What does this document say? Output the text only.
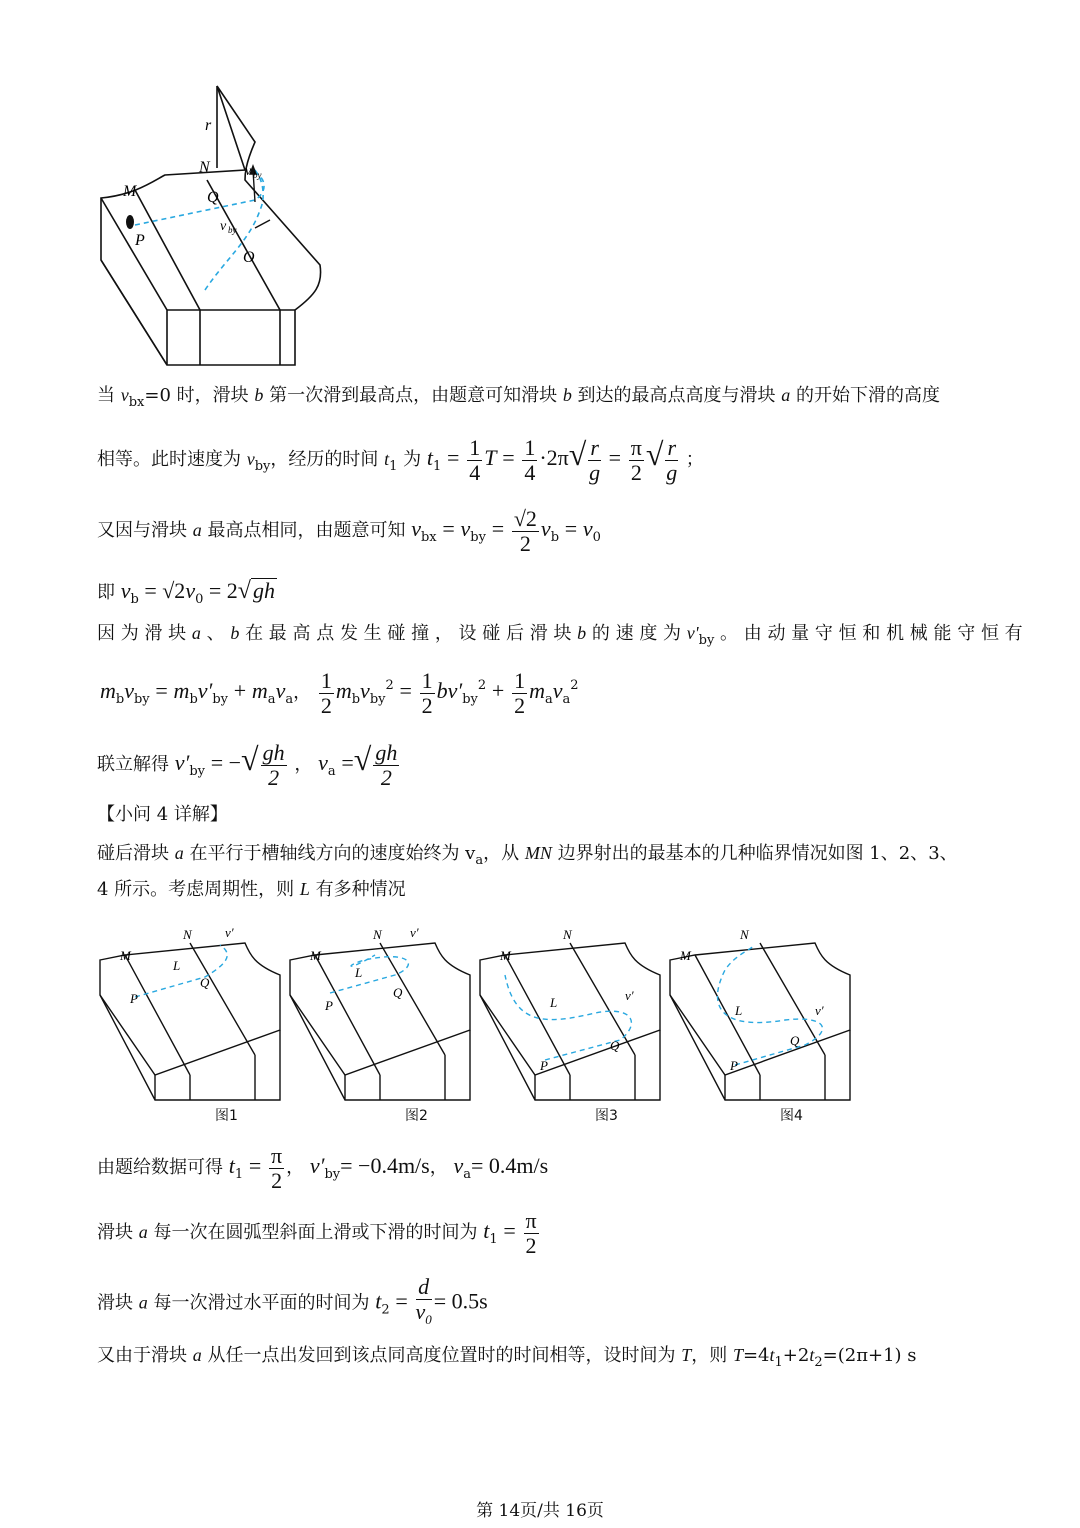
r
N
M	Q
P
O
v by
v by
当 $v_{bx}=0$ 时，滑块 b 第一次滑到最高点，由题意可知滑块 b 到达的最高点高度与滑块 a 的开始下滑的高度
相等。此时速度为 $v_{by}$，经历的时间 $t_1$ 为 $t_1 = \frac{1}{4}$ $T = \frac{1}{4} \cdot 2\pi√ \frac{r}{g} = \frac{\pi}{2}$ √ $\frac{r}{g}$ ；
又因与滑块 a 最高点相同，由题意可知 $v_{bx} = v_{by} = \frac{√2}{2} v_b = v_0$
即 $v_b = √2v_0 = 2√gh$
因 为 滑 块 a 、 b 在 最 高 点 发 生 碰 撞 ， 设 碰 后 滑 块 b 的 速 度 为 $v'_{by}$ 。 由 动 量 守 恒 和 机 械 能 守 恒 有
$m_bv_{by} = m_bv'_{by} + m_av_a$， $\frac{1}{2} m_bv_{by}^2 = \frac{1}{2} bv'_{by}^2 + \frac{1}{2} m_av_a^2$
联立解得 $v'_{by}$ = −√ $\frac{gh}{2}$ ， $v_a$ =√ $\frac{gh}{2}$
【小问 4 详解】
碰后滑块 a 在平行于槽轴线方向的速度始终为 $v_a$，从 MN 边界射出的最基本的几种临界情况如图 1、2、3、
4 所示。考虑周期性，则 L 有多种情况
M
N
P
Q
L
v′
M
N
P
Q
L
v′
M
N
P
Q
L	v′
M
N
P
Q
L	v′
图1	图2	图3	图4
由题给数据可得 $t_1 = \frac{\pi}{2}$ ， $v'_{by}= -0.4m/s$， $v_a= 0.4m/s$
滑块 a 每一次在圆弧型斜面上滑或下滑的时间为 $t_1 = \frac{\pi}{2}$
滑块 a 每一次滑过水平面的时间为 $t_2 = \frac{d}{v_0} = 0.5s$
又由于滑块 a 从任一点出发回到该点同高度位置时的时间相等，设时间为 T，则 $T=4t_1+2t_2=(2\pi+1)$ s
第 14页/共 16页
